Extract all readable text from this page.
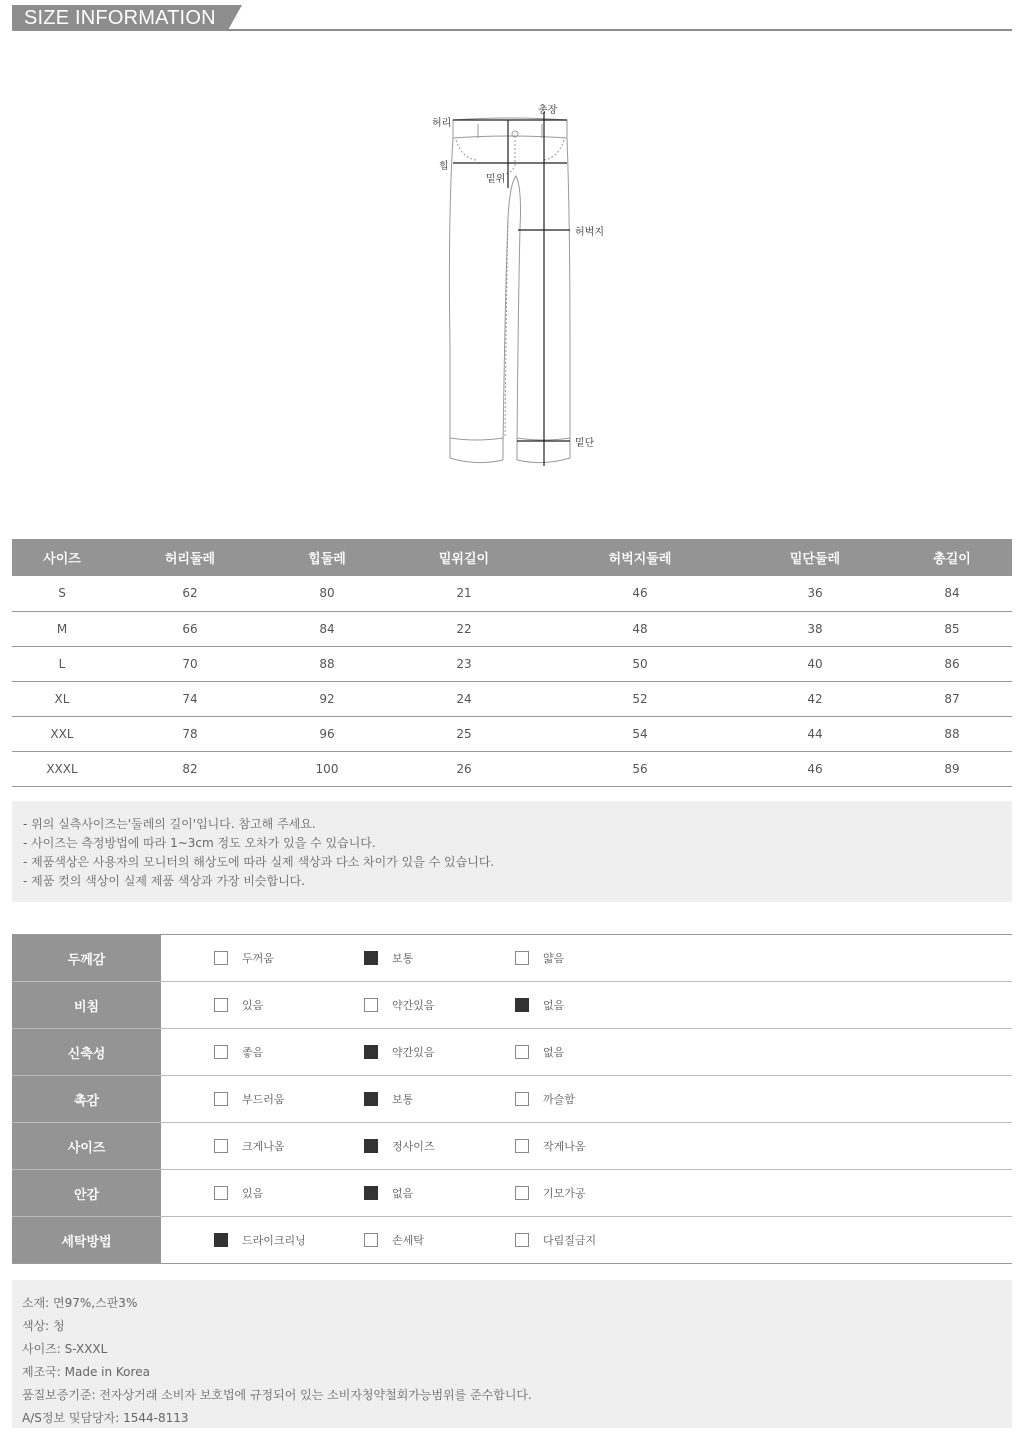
SIZE INFORMATION
허리
총장
힙
밑위
허벅지
밑단
사이즈	허리둘레	힙둘레	밑위길이	허벅지둘레	밑단둘레	총길이
S	62	80	21	46	36	84
M	66	84	22	48	38	85
L	70	88	23	50	40	86
XL	74	92	24	52	42	87
XXL	78	96	25	54	44	88
XXXL	82	100	26	56	46	89
- 위의 실측사이즈는'둘레의 길이'입니다. 참고해 주세요.
- 사이즈는 측정방법에 따라 1~3cm 정도 오차가 있을 수 있습니다.
- 제품색상은 사용자의 모니터의 해상도에 따라 실제 색상과 다소 차이가 있을 수 있습니다.
- 제품 컷의 색상이 실제 제품 색상과 가장 비슷합니다.
두께감	두꺼움	보통	얇음
비침	있음	약간있음	없음
신축성	좋음	약간있음	없음
촉감	부드러움	보통	까슬함
사이즈	크게나옴	정사이즈	작게나옴
안감	있음	없음	기모가공
세탁방법	드라이크리닝	손세탁	다림질금지
소재: 면97%,스판3%
색상: 청
사이즈: S-XXXL
제조국: Made in Korea
품질보증기준: 전자상거래 소비자 보호법에 규정되어 있는 소비자청약철회가능범위를 준수합니다.
A/S정보 및담당자: 1544-8113
